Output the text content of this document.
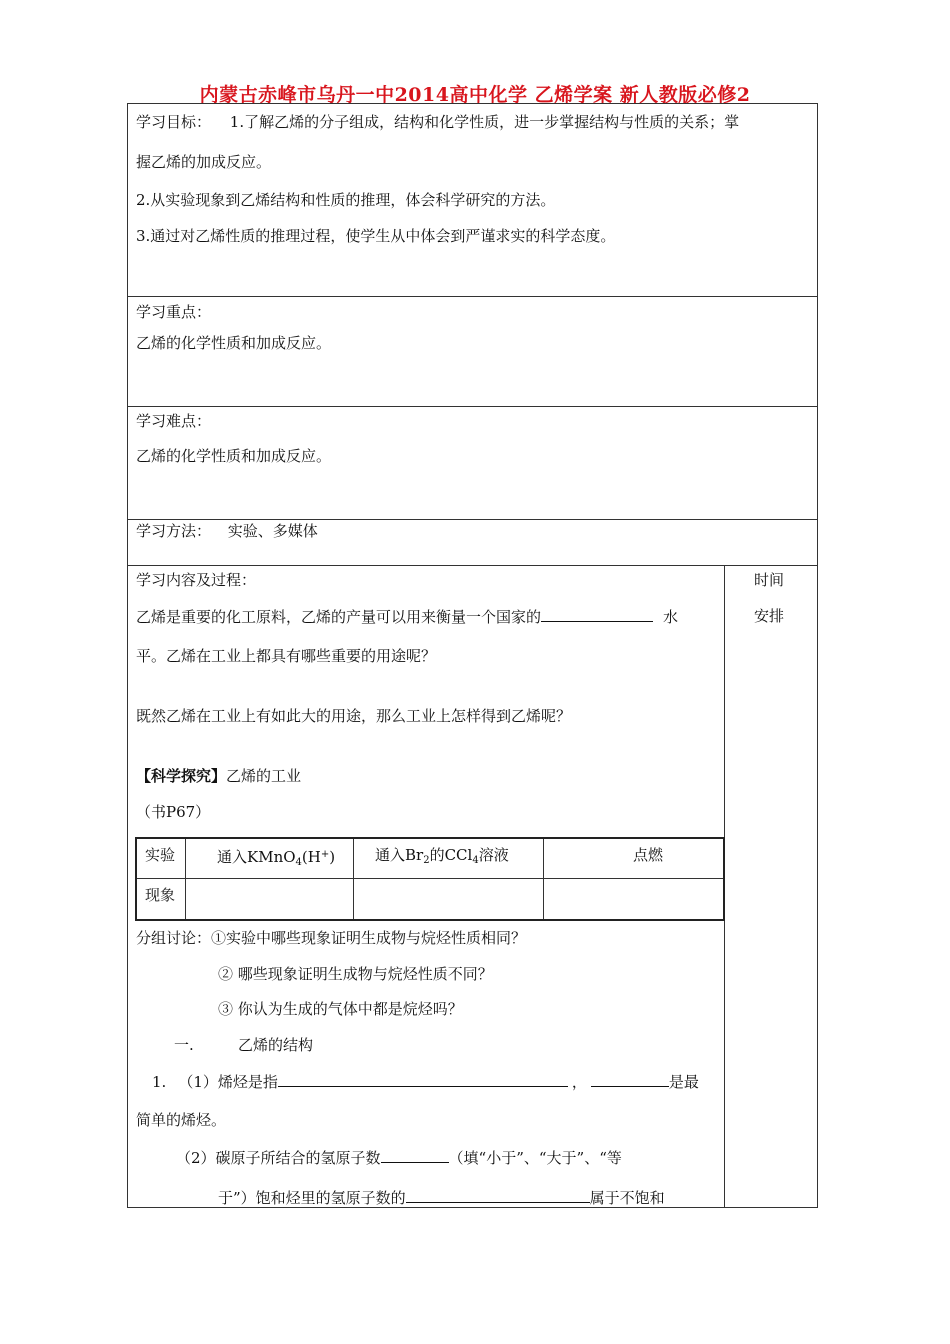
内蒙古赤峰市乌丹一中2014高中化学 乙烯学案 新人教版必修2
学习目标： 1.了解乙烯的分子组成，结构和化学性质，进一步掌握结构与性质的关系；掌
握乙烯的加成反应。
2.从实验现象到乙烯结构和性质的推理，体会科学研究的方法。
3.通过对乙烯性质的推理过程，使学生从中体会到严谨求实的科学态度。
学习重点：
乙烯的化学性质和加成反应。
学习难点：
乙烯的化学性质和加成反应。
学习方法： 实验、多媒体
学习内容及过程：	时间
安排
乙烯是重要的化工原料，乙烯的产量可以用来衡量一个国家的	水
平。乙烯在工业上都具有哪些重要的用途呢？
既然乙烯在工业上有如此大的用途，那么工业上怎样得到乙烯呢？
【科学探究】乙烯的工业
（书P67）
实验	通入KMnO$_4$(H+)	通入$Br_2$的CCl$_4$溶液	点燃
现象
分组讨论：①实验中哪些现象证明生成物与烷烃性质相同？
② 哪些现象证明生成物与烷烃性质不同？
③ 你认为生成的气体中都是烷烃吗？
一.	乙烯的结构
1. （1）烯烃是指	，	是最
简单的烯烃。
（2）碳原子所结合的氢原子数	（填“小于”、“大于”、“等
于”）饱和烃里的氢原子数的	属于不饱和
